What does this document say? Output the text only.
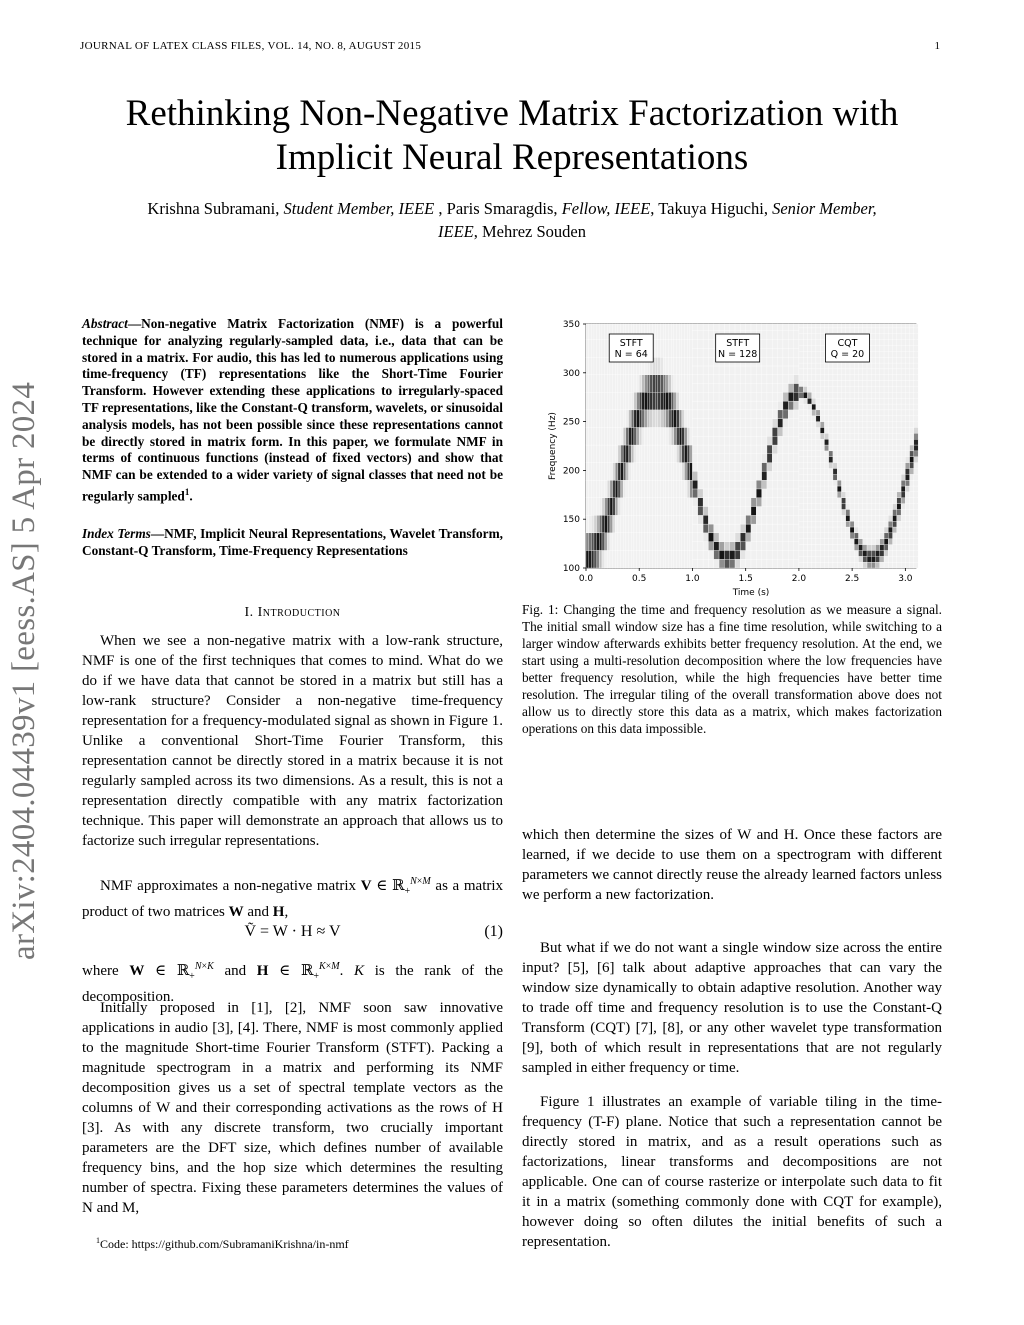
JOURNAL OF LATEX CLASS FILES, VOL. 14, NO. 8, AUGUST 2015	1
Rethinking Non-Negative Matrix Factorization with
Implicit Neural Representations
Krishna Subramani, Student Member, IEEE , Paris Smaragdis, Fellow, IEEE, Takuya Higuchi, Senior Member,
IEEE, Mehrez Souden
arXiv:2404.04439v1 [eess.AS] 5 Apr 2024
Abstract—Non-negative Matrix Factorization (NMF) is a powerful technique for analyzing regularly-sampled data, i.e., data that can be stored in a matrix. For audio, this has led to numerous applications using time-frequency (TF) representations like the Short-Time Fourier Transform. However extending these applications to irregularly-spaced TF representations, like the Constant-Q transform, wavelets, or sinusoidal analysis models, has not been possible since these representations cannot be directly stored in matrix form. In this paper, we formulate NMF in terms of continuous functions (instead of fixed vectors) and show that NMF can be extended to a wider variety of signal classes that need not be regularly sampled$^1$.
Index Terms—NMF, Implicit Neural Representations, Wavelet Transform, Constant-Q Transform, Time-Frequency Representations
I. Introduction

When we see a non-negative matrix with a low-rank structure, NMF is one of the first techniques that comes to mind. What do we do if we have data that cannot be stored in a matrix but still has a low-rank structure? Consider a non-negative time-frequency representation for a frequency-modulated signal as shown in Figure 1. Unlike a conventional Short-Time Fourier Transform, this representation cannot be directly stored in a matrix because it is not regularly sampled across its two dimensions. As a result, this is not a representation directly compatible with any matrix factorization technique. This paper will demonstrate an approach that allows us to factorize such irregular representations.

NMF approximates a non-negative matrix V ∈ ℝ$_+^{N\times M}$ as a matrix product of two matrices W and H,

Ṽ = W · H ≈ V	(1)

where W ∈ ℝ$_+^{N\times K}$ and H ∈ ℝ$_+^{K\times M}$. K is the rank of the decomposition.

Initially proposed in [1], [2], NMF soon saw innovative applications in audio [3], [4]. There, NMF is most commonly applied to the magnitude Short-time Fourier Transform (STFT). Packing a magnitude spectrogram in a matrix and performing its NMF decomposition gives us a set of spectral template vectors as the columns of W and their corresponding activations as the rows of H [3]. As with any discrete transform, two crucially important parameters are the DFT size, which defines number of available frequency bins, and the hop size which determines the resulting number of spectra. Fixing these parameters determines the values of N and M,

$^1$Code: https://github.com/SubramaniKrishna/in-nmf
0.0	0.5	1.0	1.5	2.0	2.5	3.0
100
150
200
250
300
350
STFT
N = 64
STFT
N = 128
CQT
Q = 20
Time (s)
Frequency (Hz)
Fig. 1: Changing the time and frequency resolution as we measure a signal. The initial small window size has a fine time resolution, while switching to a larger window afterwards exhibits better frequency resolution. At the end, we start using a multi-resolution decomposition where the low frequencies have better frequency resolution, while the high frequencies have better time resolution. The irregular tiling of the overall transformation above does not allow us to directly store this data as a matrix, which makes factorization operations on this data impossible.

which then determine the sizes of W and H. Once these factors are learned, if we decide to use them on a spectrogram with different parameters we cannot directly reuse the already learned factors unless we perform a new factorization.

But what if we do not want a single window size across the entire input? [5], [6] talk about adaptive approaches that can vary the window size dynamically to obtain adaptive resolution. Another way to trade off time and frequency resolution is to use the Constant-Q Transform (CQT) [7], [8], or any other wavelet type transformation [9], both of which result in representations that are not regularly sampled in either frequency or time.

Figure 1 illustrates an example of variable tiling in the time-frequency (T-F) plane. Notice that such a representation cannot be directly stored in matrix, and as a result operations such as factorizations, linear transforms and decompositions are not applicable. One can of course rasterize or interpolate such data to fit it in a matrix (something commonly done with CQT for example), however doing so often dilutes the initial benefits of such a representation.
